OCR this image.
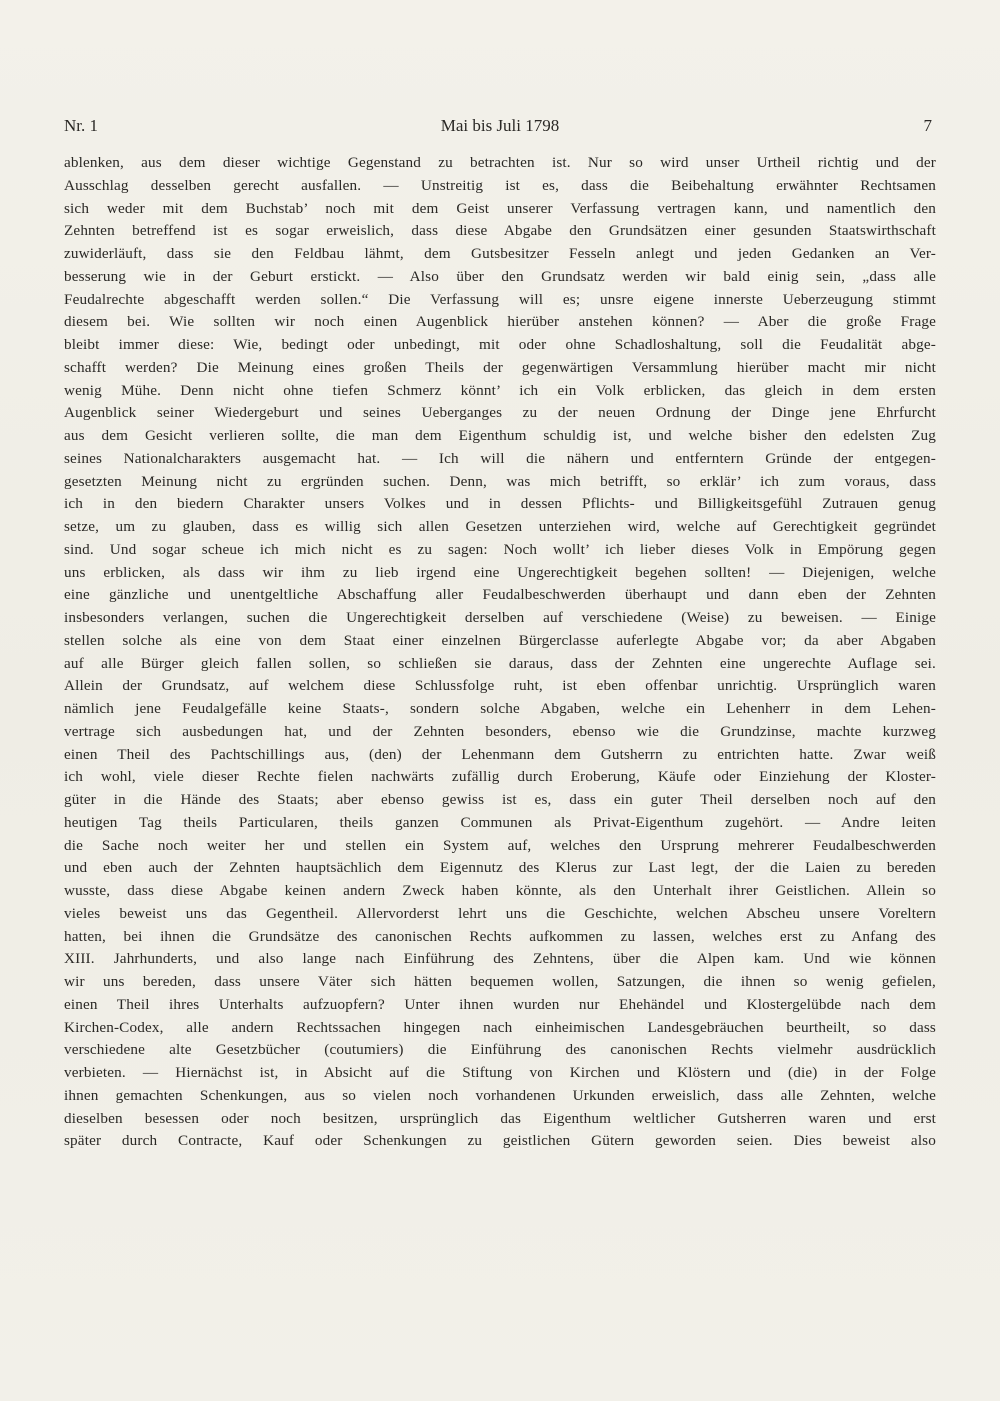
Nr. 1	Mai bis Juli 1798	7
ablenken, aus dem dieser wichtige Gegenstand zu betrachten ist. Nur so wird unser Urtheil richtig und der
Ausschlag desselben gerecht ausfallen. — Unstreitig ist es, dass die Beibehaltung erwähnter Rechtsamen
sich weder mit dem Buchstab’ noch mit dem Geist unserer Verfassung vertragen kann, und namentlich den
Zehnten betreffend ist es sogar erweislich, dass diese Abgabe den Grundsätzen einer gesunden Staatswirthschaft
zuwiderläuft, dass sie den Feldbau lähmt, dem Gutsbesitzer Fesseln anlegt und jeden Gedanken an Ver-
besserung wie in der Geburt erstickt. — Also über den Grundsatz werden wir bald einig sein, „dass alle
Feudalrechte abgeschafft werden sollen.“ Die Verfassung will es; unsre eigene innerste Ueberzeugung stimmt
diesem bei. Wie sollten wir noch einen Augenblick hierüber anstehen können? — Aber die große Frage
bleibt immer diese: Wie, bedingt oder unbedingt, mit oder ohne Schadloshaltung, soll die Feudalität abge-
schafft werden? Die Meinung eines großen Theils der gegenwärtigen Versammlung hierüber macht mir nicht
wenig Mühe. Denn nicht ohne tiefen Schmerz könnt’ ich ein Volk erblicken, das gleich in dem ersten
Augenblick seiner Wiedergeburt und seines Ueberganges zu der neuen Ordnung der Dinge jene Ehrfurcht
aus dem Gesicht verlieren sollte, die man dem Eigenthum schuldig ist, und welche bisher den edelsten Zug
seines Nationalcharakters ausgemacht hat. — Ich will die nähern und entferntern Gründe der entgegen-
gesetzten Meinung nicht zu ergründen suchen. Denn, was mich betrifft, so erklär’ ich zum voraus, dass
ich in den biedern Charakter unsers Volkes und in dessen Pflichts- und Billigkeitsgefühl Zutrauen genug
setze, um zu glauben, dass es willig sich allen Gesetzen unterziehen wird, welche auf Gerechtigkeit gegründet
sind. Und sogar scheue ich mich nicht es zu sagen: Noch wollt’ ich lieber dieses Volk in Empörung gegen
uns erblicken, als dass wir ihm zu lieb irgend eine Ungerechtigkeit begehen sollten! — Diejenigen, welche
eine gänzliche und unentgeltliche Abschaffung aller Feudalbeschwerden überhaupt und dann eben der Zehnten
insbesonders verlangen, suchen die Ungerechtigkeit derselben auf verschiedene (Weise) zu beweisen. — Einige
stellen solche als eine von dem Staat einer einzelnen Bürgerclasse auferlegte Abgabe vor; da aber Abgaben
auf alle Bürger gleich fallen sollen, so schließen sie daraus, dass der Zehnten eine ungerechte Auflage sei.
Allein der Grundsatz, auf welchem diese Schlussfolge ruht, ist eben offenbar unrichtig. Ursprünglich waren
nämlich jene Feudalgefälle keine Staats-, sondern solche Abgaben, welche ein Lehenherr in dem Lehen-
vertrage sich ausbedungen hat, und der Zehnten besonders, ebenso wie die Grundzinse, machte kurzweg
einen Theil des Pachtschillings aus, (den) der Lehenmann dem Gutsherrn zu entrichten hatte. Zwar weiß
ich wohl, viele dieser Rechte fielen nachwärts zufällig durch Eroberung, Käufe oder Einziehung der Kloster-
güter in die Hände des Staats; aber ebenso gewiss ist es, dass ein guter Theil derselben noch auf den
heutigen Tag theils Particularen, theils ganzen Communen als Privat-Eigenthum zugehört. — Andre leiten
die Sache noch weiter her und stellen ein System auf, welches den Ursprung mehrerer Feudalbeschwerden
und eben auch der Zehnten hauptsächlich dem Eigennutz des Klerus zur Last legt, der die Laien zu bereden
wusste, dass diese Abgabe keinen andern Zweck haben könnte, als den Unterhalt ihrer Geistlichen. Allein so
vieles beweist uns das Gegentheil. Allervorderst lehrt uns die Geschichte, welchen Abscheu unsere Voreltern
hatten, bei ihnen die Grundsätze des canonischen Rechts aufkommen zu lassen, welches erst zu Anfang des
XIII. Jahrhunderts, und also lange nach Einführung des Zehntens, über die Alpen kam. Und wie können
wir uns bereden, dass unsere Väter sich hätten bequemen wollen, Satzungen, die ihnen so wenig gefielen,
einen Theil ihres Unterhalts aufzuopfern? Unter ihnen wurden nur Ehehändel und Klostergelübde nach dem
Kirchen-Codex, alle andern Rechtssachen hingegen nach einheimischen Landesgebräuchen beurtheilt, so dass
verschiedene alte Gesetzbücher (coutumiers) die Einführung des canonischen Rechts vielmehr ausdrücklich
verbieten. — Hiernächst ist, in Absicht auf die Stiftung von Kirchen und Klöstern und (die) in der Folge
ihnen gemachten Schenkungen, aus so vielen noch vorhandenen Urkunden erweislich, dass alle Zehnten, welche
dieselben besessen oder noch besitzen, ursprünglich das Eigenthum weltlicher Gutsherren waren und erst
später durch Contracte, Kauf oder Schenkungen zu geistlichen Gütern geworden seien. Dies beweist also
